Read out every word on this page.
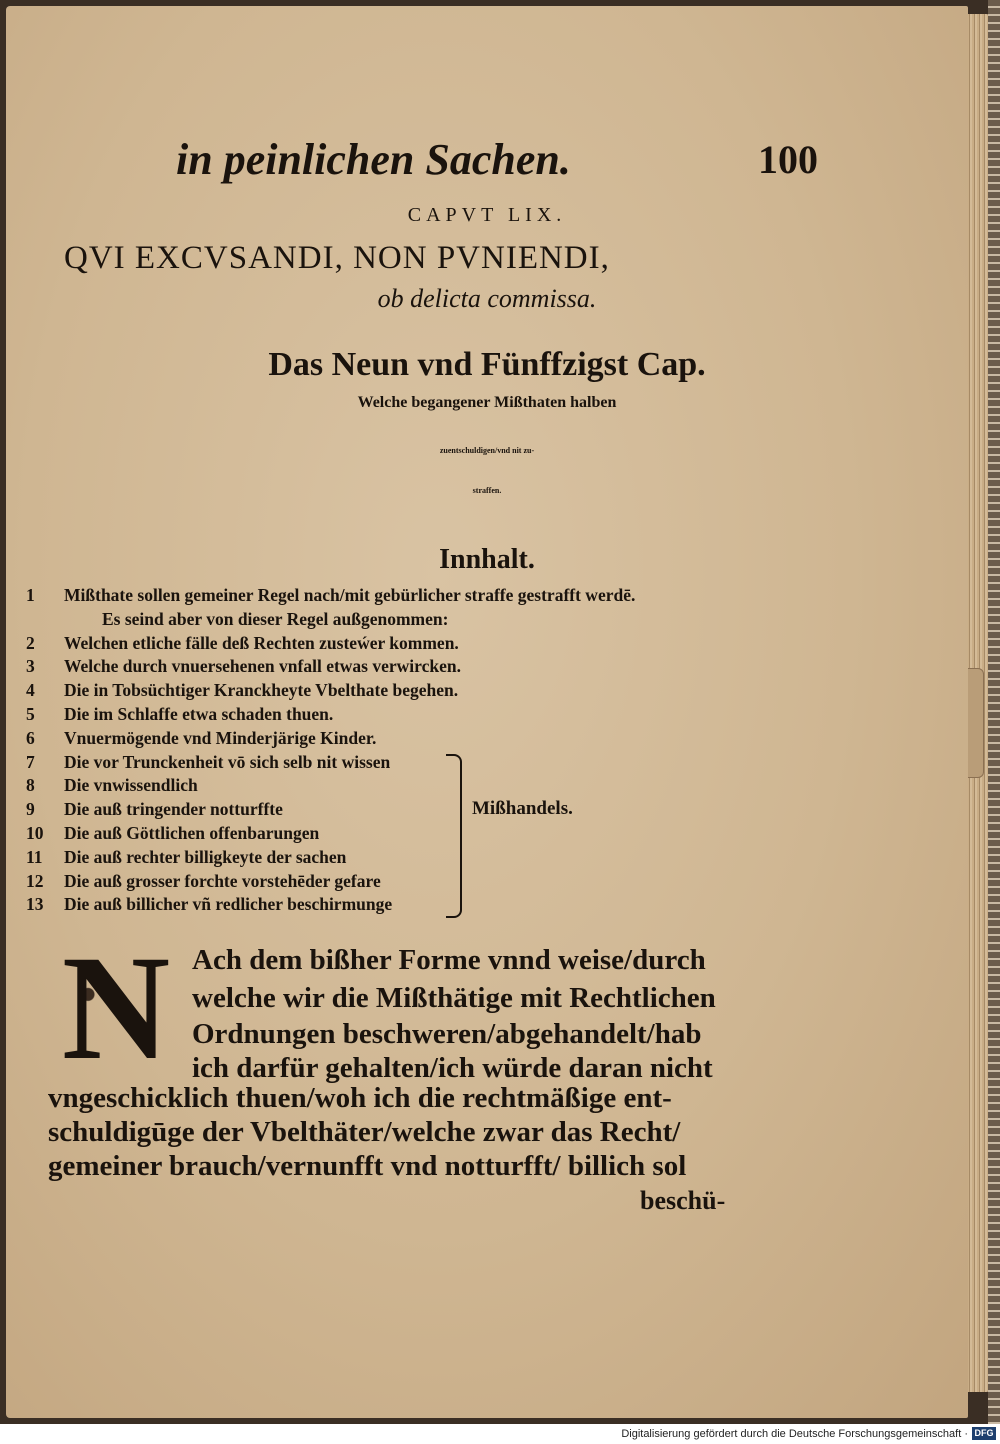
in peinlichen Sachen.	100
CAPVT LIX.
QVI EXCVSANDI, NON PVNIENDI,
ob delicta commissa.
Das Neun vnd Fünffzigst Cap.
Welche begangener Mißthaten halben
zuentschuldigen/vnd nit zu-
straffen.
Innhalt.
1 Mißthate sollen gemeiner Regel nach/mit gebürlicher straffe gestrafft werdē.
Es seind aber von dieser Regel außgenommen:
2 Welchen etliche fälle deß Rechten zusteẃer kommen.
3 Welche durch vnuersehenen vnfall etwas verwircken.
4 Die in Tobsüchtiger Kranckheyte Vbelthate begehen.
5 Die im Schlaffe etwa schaden thuen.
6 Vnuermögende vnd Minderjärige Kinder.
7 Die vor Trunckenheit vō sich selb nit wissen
8 Die vnwissendlich
9 Die auß tringender notturffte
10 Die auß Göttlichen offenbarungen
11 Die auß rechter billigkeyte der sachen
12 Die auß grosser forchte vorstehēder gefare
13 Die auß billicher vñ redlicher beschirmunge
Mißhandels.
N Ach dem bißher Forme vnnd weise/durch
welche wir die Mißthätige mit Rechtlichen
Ordnungen beschweren/abgehandelt/hab
ich darfür gehalten/ich würde daran nicht
vngeschicklich thuen/woh ich die rechtmäßige ent-
schuldigūge der Vbelthäter/welche zwar das Recht/
gemeiner brauch/vernunfft vnd notturfft/ billich sol
beschü-
Digitalisierung gefördert durch die Deutsche Forschungsgemeinschaft · DFG
